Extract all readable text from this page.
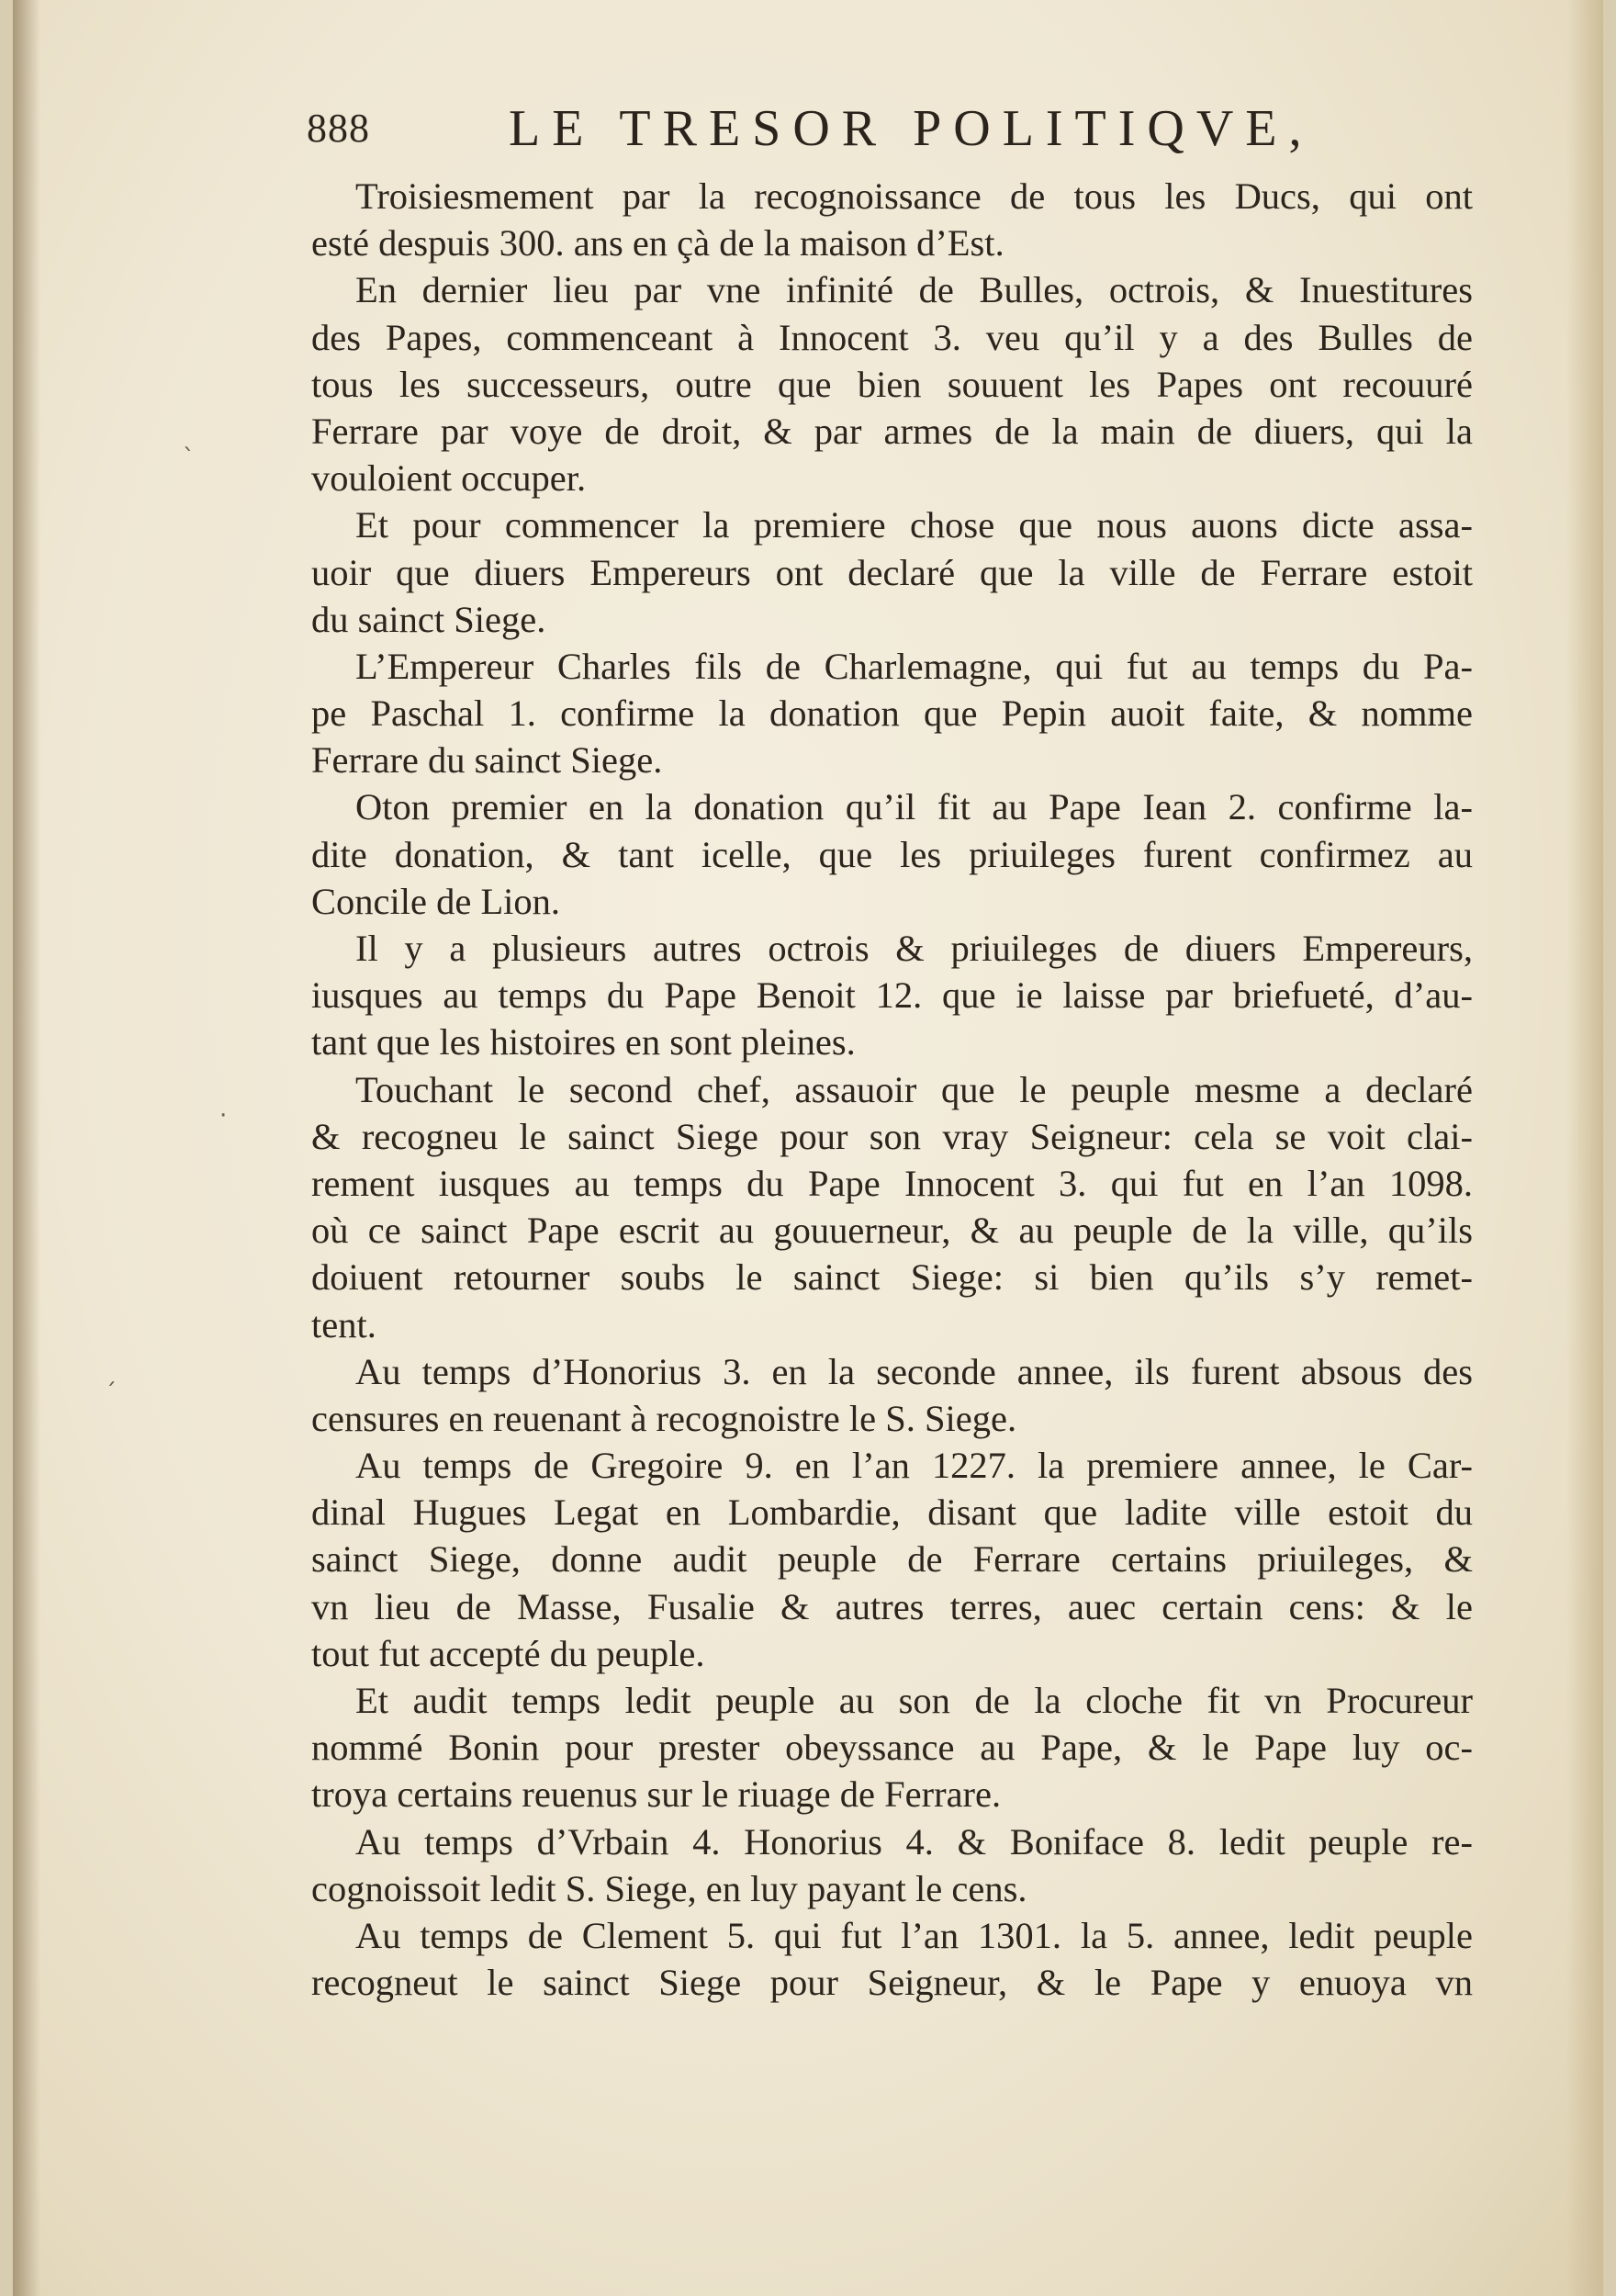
888	LE TRESOR POLITIQVE,
Troisiesmement par la recognoissance de tous les Ducs, qui ont
esté despuis 300. ans en çà de la maison d’Est.
En dernier lieu par vne infinité de Bulles, octrois, & Inuestitures
des Papes, commenceant à Innocent 3. veu qu’il y a des Bulles de
tous les successeurs, outre que bien souuent les Papes ont recouuré
Ferrare par voye de droit, & par armes de la main de diuers, qui la
vouloient occuper.
Et pour commencer la premiere chose que nous auons dicte assa-
uoir que diuers Empereurs ont declaré que la ville de Ferrare estoit
du sainct Siege.
L’Empereur Charles fils de Charlemagne, qui fut au temps du Pa-
pe Paschal 1. confirme la donation que Pepin auoit faite, & nomme
Ferrare du sainct Siege.
Oton premier en la donation qu’il fit au Pape Iean 2. confirme la-
dite donation, & tant icelle, que les priuileges furent confirmez au
Concile de Lion.
Il y a plusieurs autres octrois & priuileges de diuers Empereurs,
iusques au temps du Pape Benoit 12. que ie laisse par briefueté, d’au-
tant que les histoires en sont pleines.
Touchant le second chef, assauoir que le peuple mesme a declaré
& recogneu le sainct Siege pour son vray Seigneur: cela se voit clai-
rement iusques au temps du Pape Innocent 3. qui fut en l’an 1098.
où ce sainct Pape escrit au gouuerneur, & au peuple de la ville, qu’ils
doiuent retourner soubs le sainct Siege: si bien qu’ils s’y remet-
tent.
Au temps d’Honorius 3. en la seconde annee, ils furent absous des
censures en reuenant à recognoistre le S. Siege.
Au temps de Gregoire 9. en l’an 1227. la premiere annee, le Car-
dinal Hugues Legat en Lombardie, disant que ladite ville estoit du
sainct Siege, donne audit peuple de Ferrare certains priuileges, &
vn lieu de Masse, Fusalie & autres terres, auec certain cens: & le
tout fut accepté du peuple.
Et audit temps ledit peuple au son de la cloche fit vn Procureur
nommé Bonin pour prester obeyssance au Pape, & le Pape luy oc-
troya certains reuenus sur le riuage de Ferrare.
Au temps d’Vrbain 4. Honorius 4. & Boniface 8. ledit peuple re-
cognoissoit ledit S. Siege, en luy payant le cens.
Au temps de Clement 5. qui fut l’an 1301. la 5. annee, ledit peuple
recogneut le sainct Siege pour Seigneur, & le Pape y enuoya vn
ˎ
·
ˏ
